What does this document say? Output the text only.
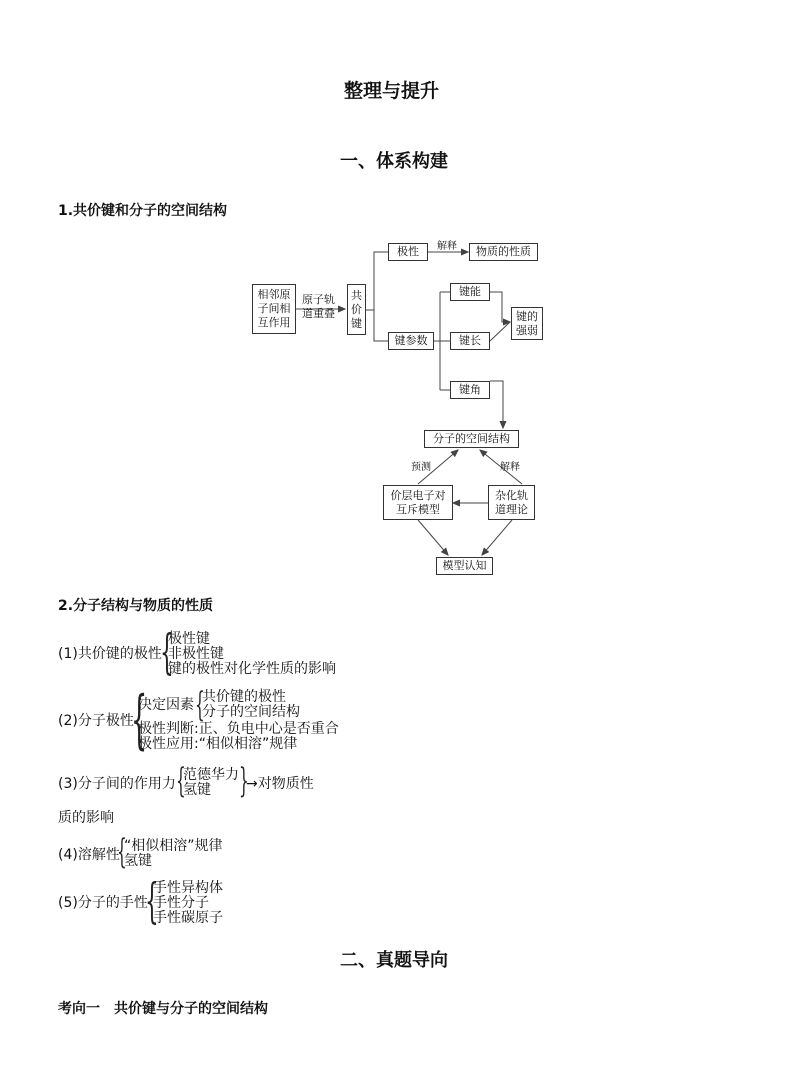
整理与提升
一、体系构建
1.共价键和分子的空间结构
相邻原
子间相
互作用
原子轨
道重叠
共
价
键
极性	解释	物质的性质
键参数
键能
键长
键角
键的
强弱
分子的空间结构
预测	解释
价层电子对
互斥模型
杂化轨
道理论
模型认知
2.分子结构与物质的性质
(1)共价键的极性
{
极性键
非极性键
键的极性对化学性质的影响
(2)分子极性
{
决定因素 {
共价键的极性
分子的空间结构
极性判断:正、负电中心是否重合
极性应用:“相似相溶”规律
(3)分子间的作用力 {
范德华力
氢键 }
→对物质性
质的影响
(4)溶解性
{
“相似相溶”规律
氢键
(5)分子的手性
{
手性异构体
手性分子
手性碳原子
二、真题导向
考向一　共价键与分子的空间结构
